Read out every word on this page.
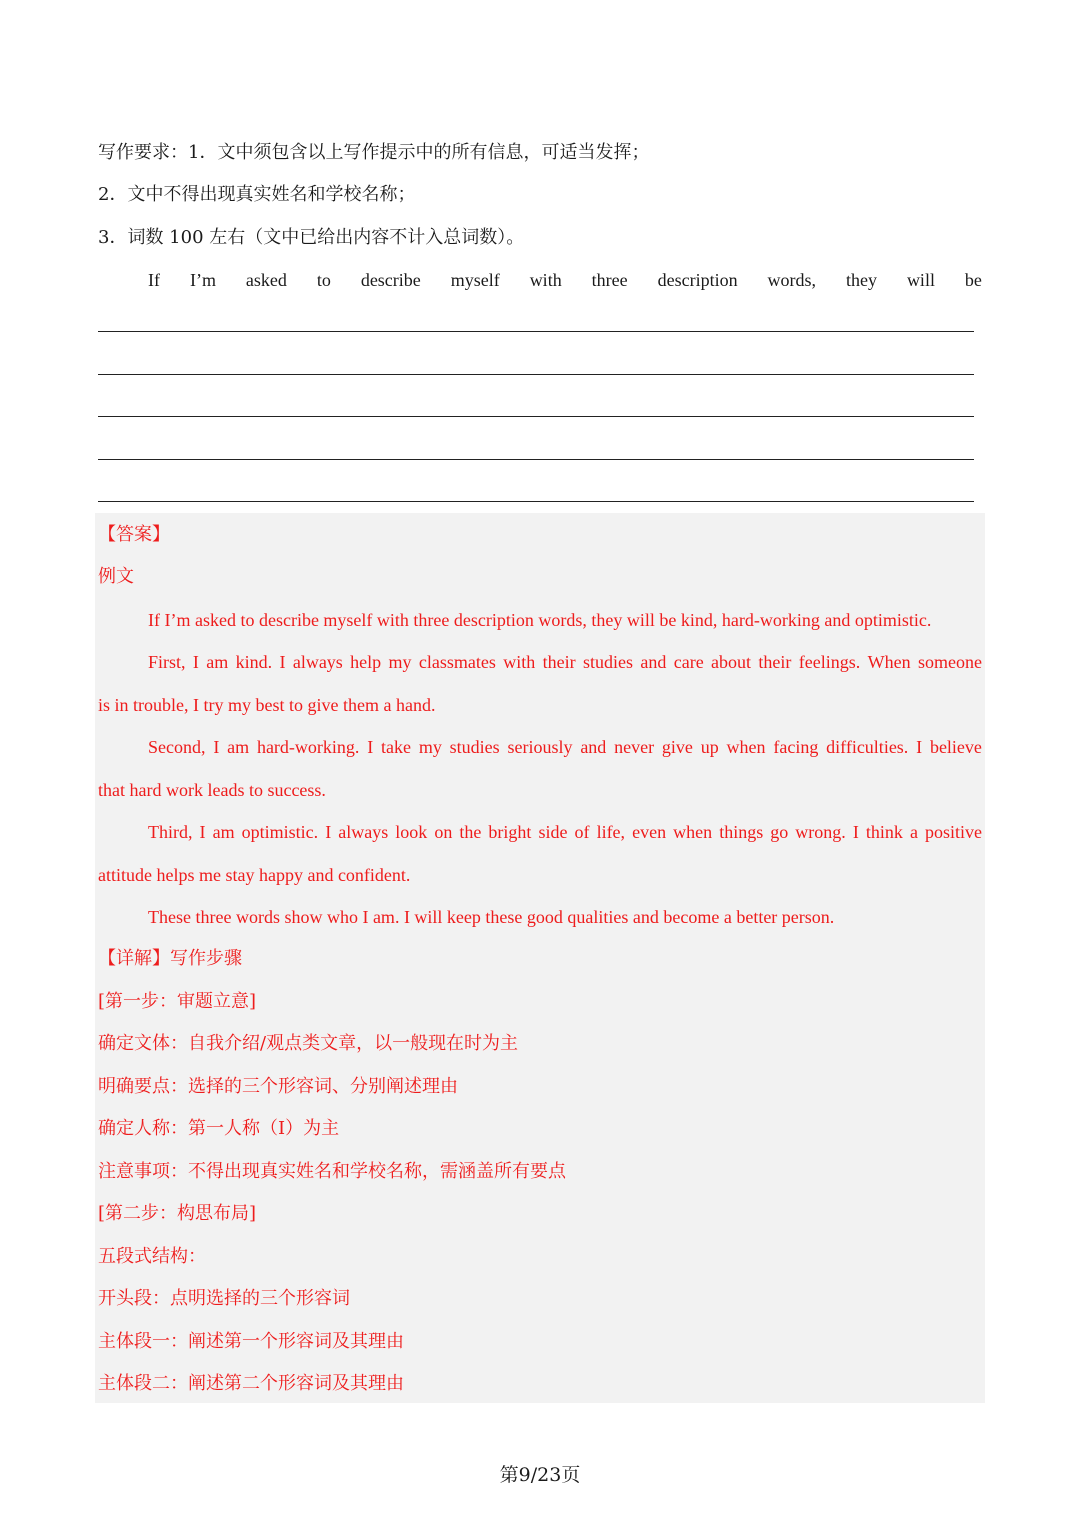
写作要求：1．文中须包含以上写作提示中的所有信息，可适当发挥；

2．文中不得出现真实姓名和学校名称；

3．词数 100 左右（文中已给出内容不计入总词数）。

If I’m asked to describe myself with three description words, they will be

【答案】

例文

If I’m asked to describe myself with three description words, they will be kind, hard-working and optimistic.

First, I am kind. I always help my classmates with their studies and care about their feelings. When someone

is in trouble, I try my best to give them a hand.

Second, I am hard-working. I take my studies seriously and never give up when facing difficulties. I believe

that hard work leads to success.

Third, I am optimistic. I always look on the bright side of life, even when things go wrong. I think a positive

attitude helps me stay happy and confident.

These three words show who I am. I will keep these good qualities and become a better person.

【详解】写作步骤

[第一步：审题立意]

确定文体：自我介绍/观点类文章，以一般现在时为主

明确要点：选择的三个形容词、分别阐述理由

确定人称：第一人称（I）为主

注意事项：不得出现真实姓名和学校名称，需涵盖所有要点

[第二步：构思布局]

五段式结构：

开头段：点明选择的三个形容词

主体段一：阐述第一个形容词及其理由

主体段二：阐述第二个形容词及其理由

第9/23页
